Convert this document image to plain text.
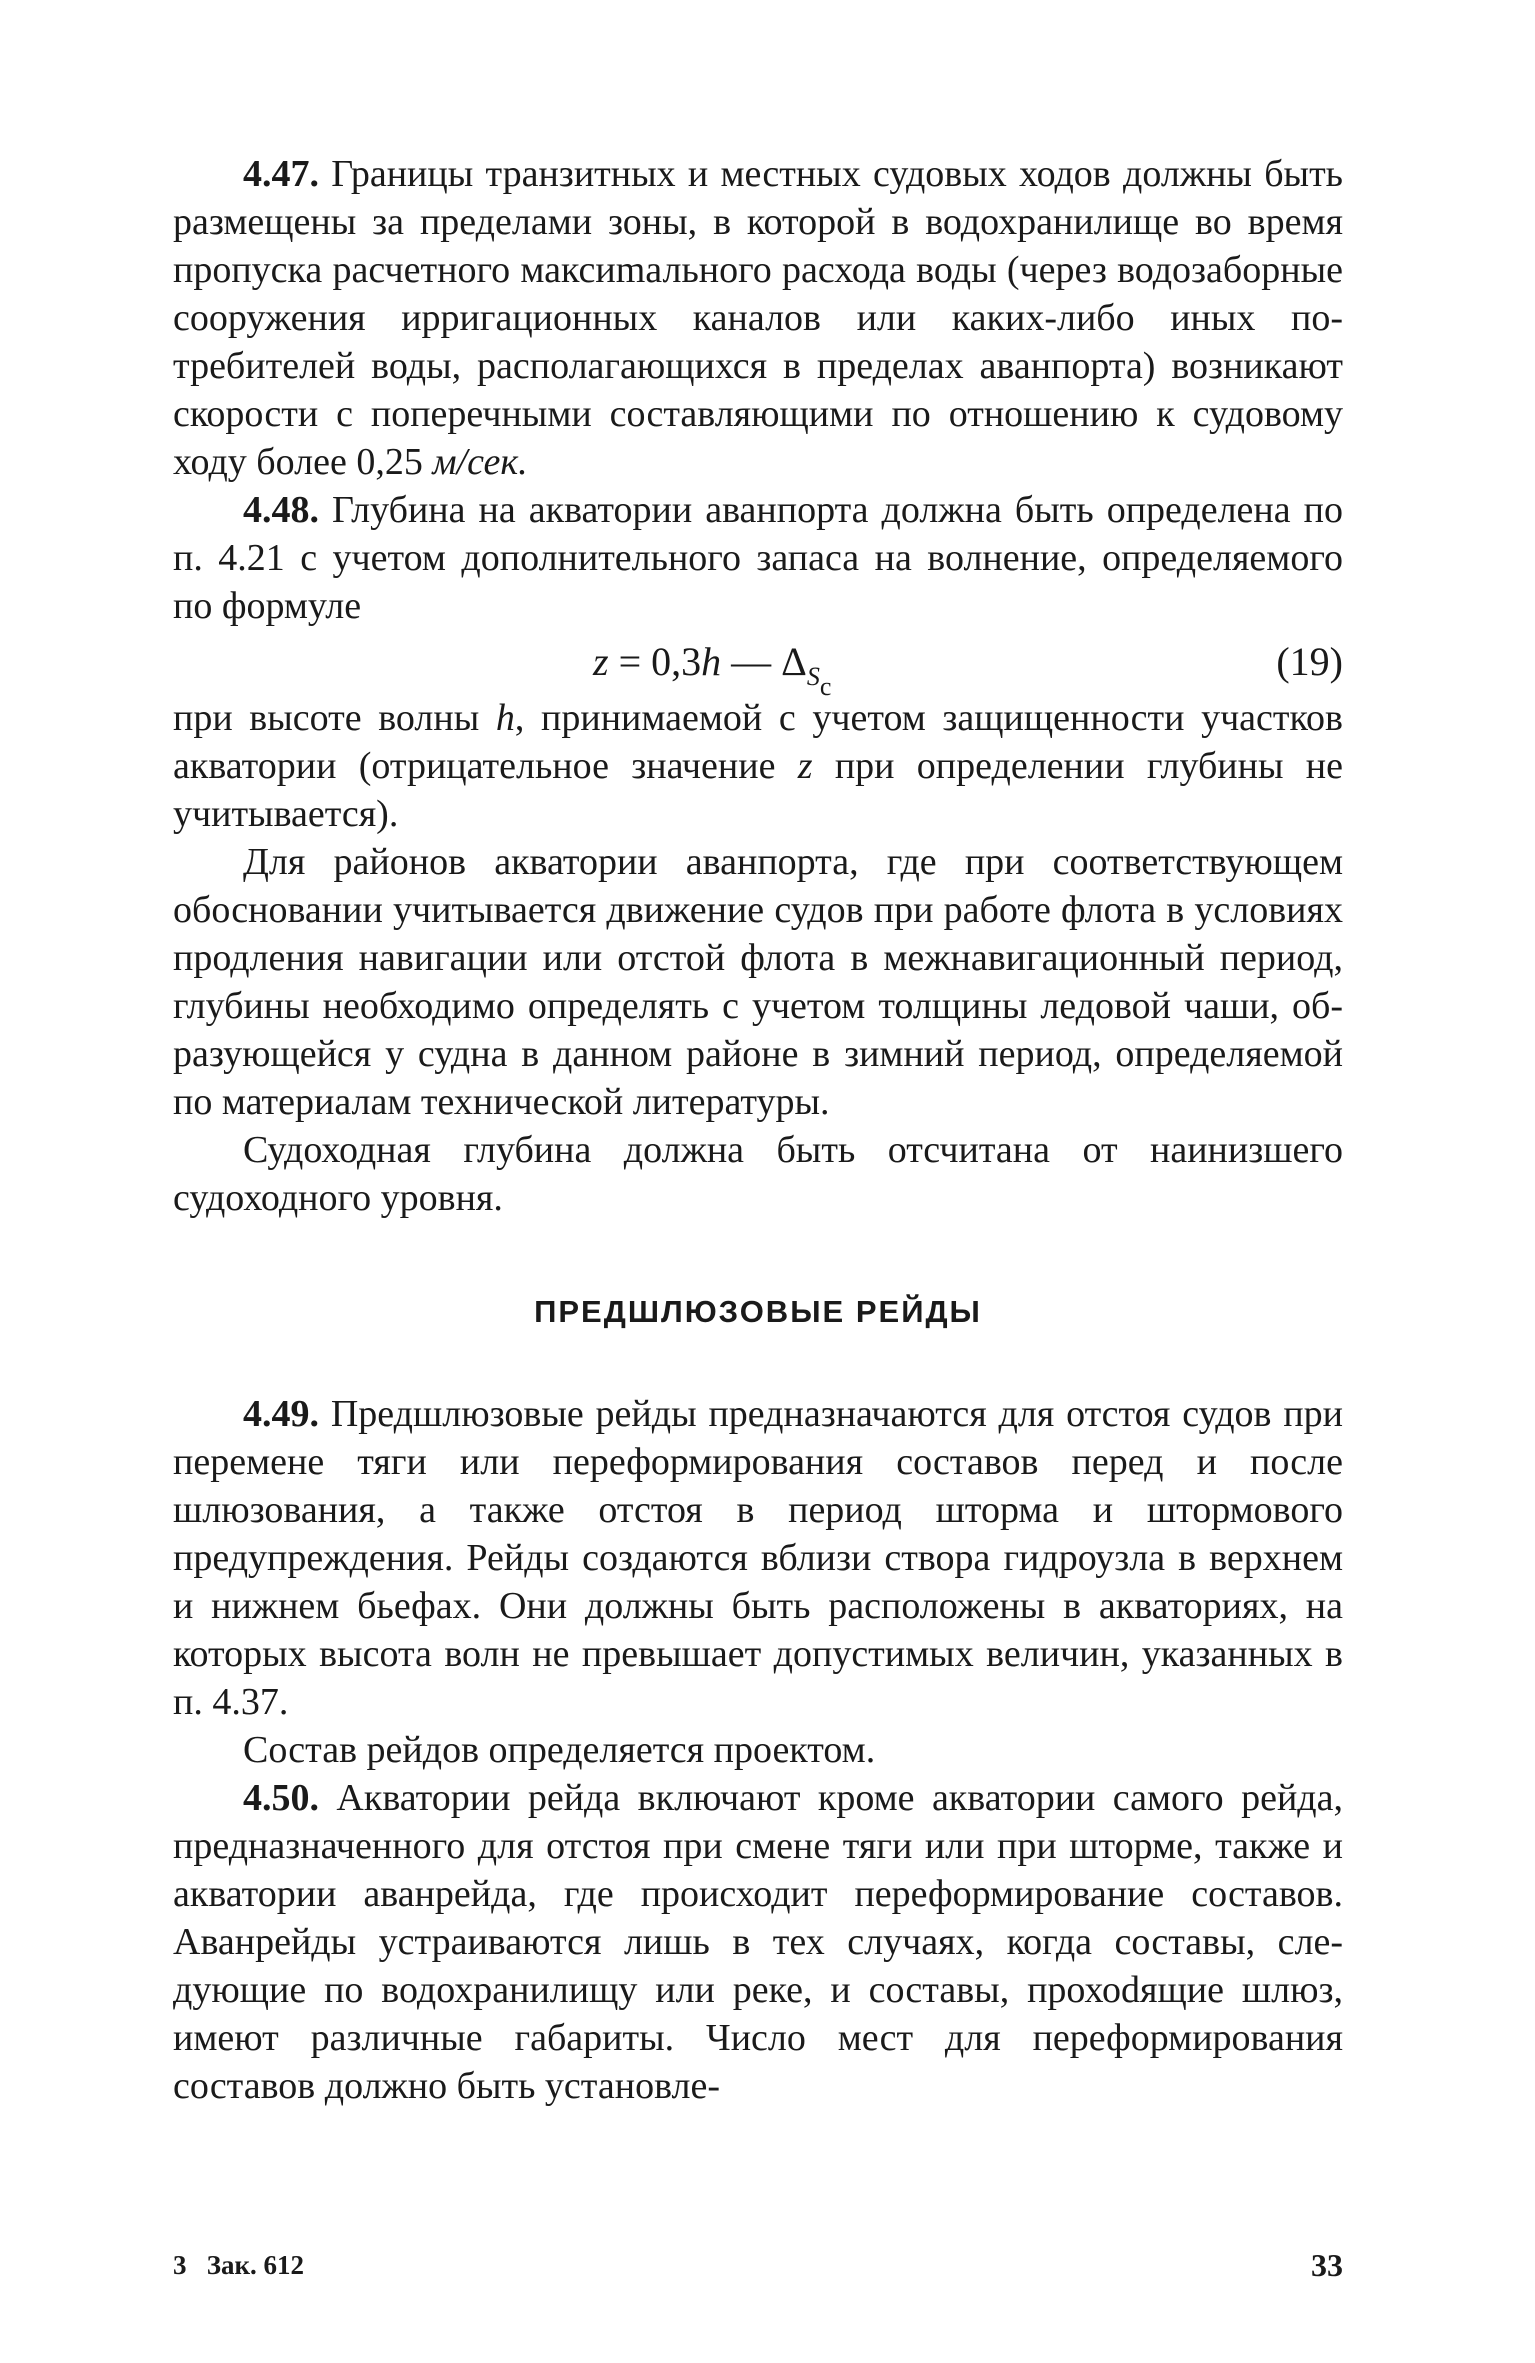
4.47. Границы транзитных и местных судовых ходов должны быть размещены за пределами зоны, в которой в водохранилище во время пропуска расчетного максиmального расхода воды (через водозаборные сооружения ирригационных каналов или каких-либо иных потребителей воды, располагающихся в пределах аванпорта) возникают скорости с поперечными составляющими по отношению к судовому ходу более 0,25 м/сек.

4.48. Глубина на акватории аванпорта должна быть определена по п. 4.21 с учетом дополнительного запаса на волнение, определяемого по формуле

z = 0,3h — $\Delta_{S_c}$
(19)

при высоте волны h, принимаемой с учетом защищенности участков акватории (отрицательное значение z при определении глубины не учитывается).

Для районов акватории аванпорта, где при соответствующем обосновании учитывается движение судов при работе флота в условиях продления навигации или отстой флота в межнавигационный период, глубины необходимо определять с учетом толщины ледовой чаши, образующейся у судна в данном районе в зимний период, определяемой по материалам технической литературы.

Судоходная глубина должна быть отсчитана от наинизшего судоходного уровня.

ПРЕДШЛЮЗОВЫЕ РЕЙДЫ

4.49. Предшлюзовые рейды предназначаются для отстоя судов при перемене тяги или переформирования составов перед и после шлюзования, а также отстоя в период шторма и штормового предупреждения. Рейды создаются вблизи створа гидроузла в верхнем и нижнем бьефах. Они должны быть расположены в акваториях, на которых высота волн не превышает допустимых величин, указанных в п. 4.37.

Состав рейдов определяется проектом.

4.50. Акватории рейда включают кроме акватории самого рейда, предназначенного для отстоя при смене тяги или при шторме, также и акватории аванрейда, где происходит переформирование составов. Аванрейды устраиваются лишь в тех случаях, когда составы, следующие по водохранилищу или реке, и составы, прохоdящие шлюз, имеют различные габариты. Число мест для переформирования составов должно быть установле-

3   Зак. 612	33
